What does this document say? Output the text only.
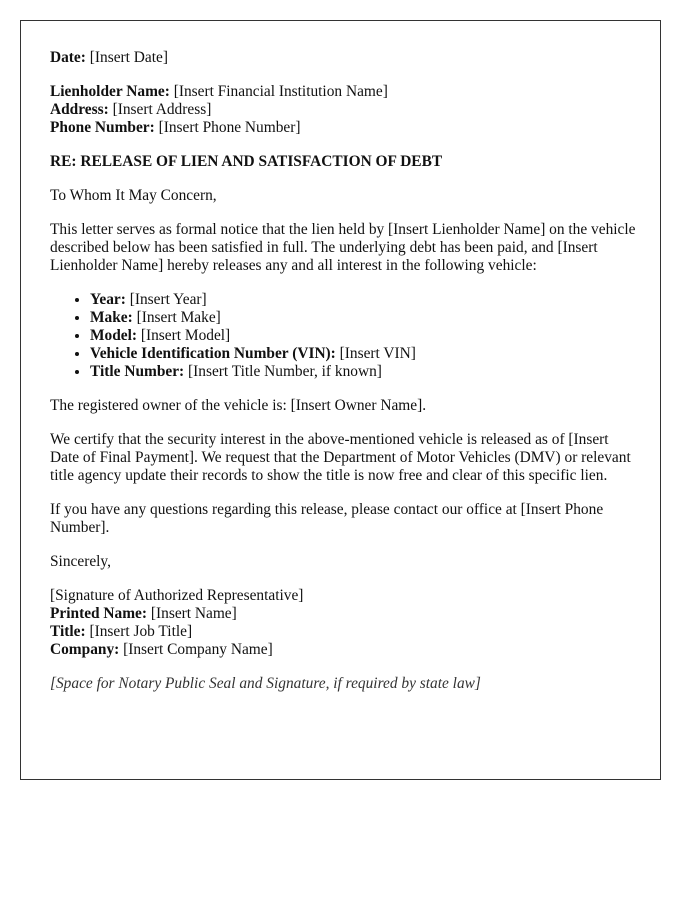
Date: [Insert Date]

Lienholder Name: [Insert Financial Institution Name]

Address: [Insert Address]

Phone Number: [Insert Phone Number]

RE: RELEASE OF LIEN AND SATISFACTION OF DEBT

To Whom It May Concern,

This letter serves as formal notice that the lien held by [Insert Lienholder Name] on the vehicle described below has been satisfied in full. The underlying debt has been paid, and [Insert Lienholder Name] hereby releases any and all interest in the following vehicle:

• Year: [Insert Year]
• Make: [Insert Make]
• Model: [Insert Model]
• Vehicle Identification Number (VIN): [Insert VIN]
• Title Number: [Insert Title Number, if known]

The registered owner of the vehicle is: [Insert Owner Name].

We certify that the security interest in the above-mentioned vehicle is released as of [Insert Date of Final Payment]. We request that the Department of Motor Vehicles (DMV) or relevant title agency update their records to show the title is now free and clear of this specific lien.

If you have any questions regarding this release, please contact our office at [Insert Phone Number].

Sincerely,

[Signature of Authorized Representative]

Printed Name: [Insert Name]

Title: [Insert Job Title]

Company: [Insert Company Name]

[Space for Notary Public Seal and Signature, if required by state law]
